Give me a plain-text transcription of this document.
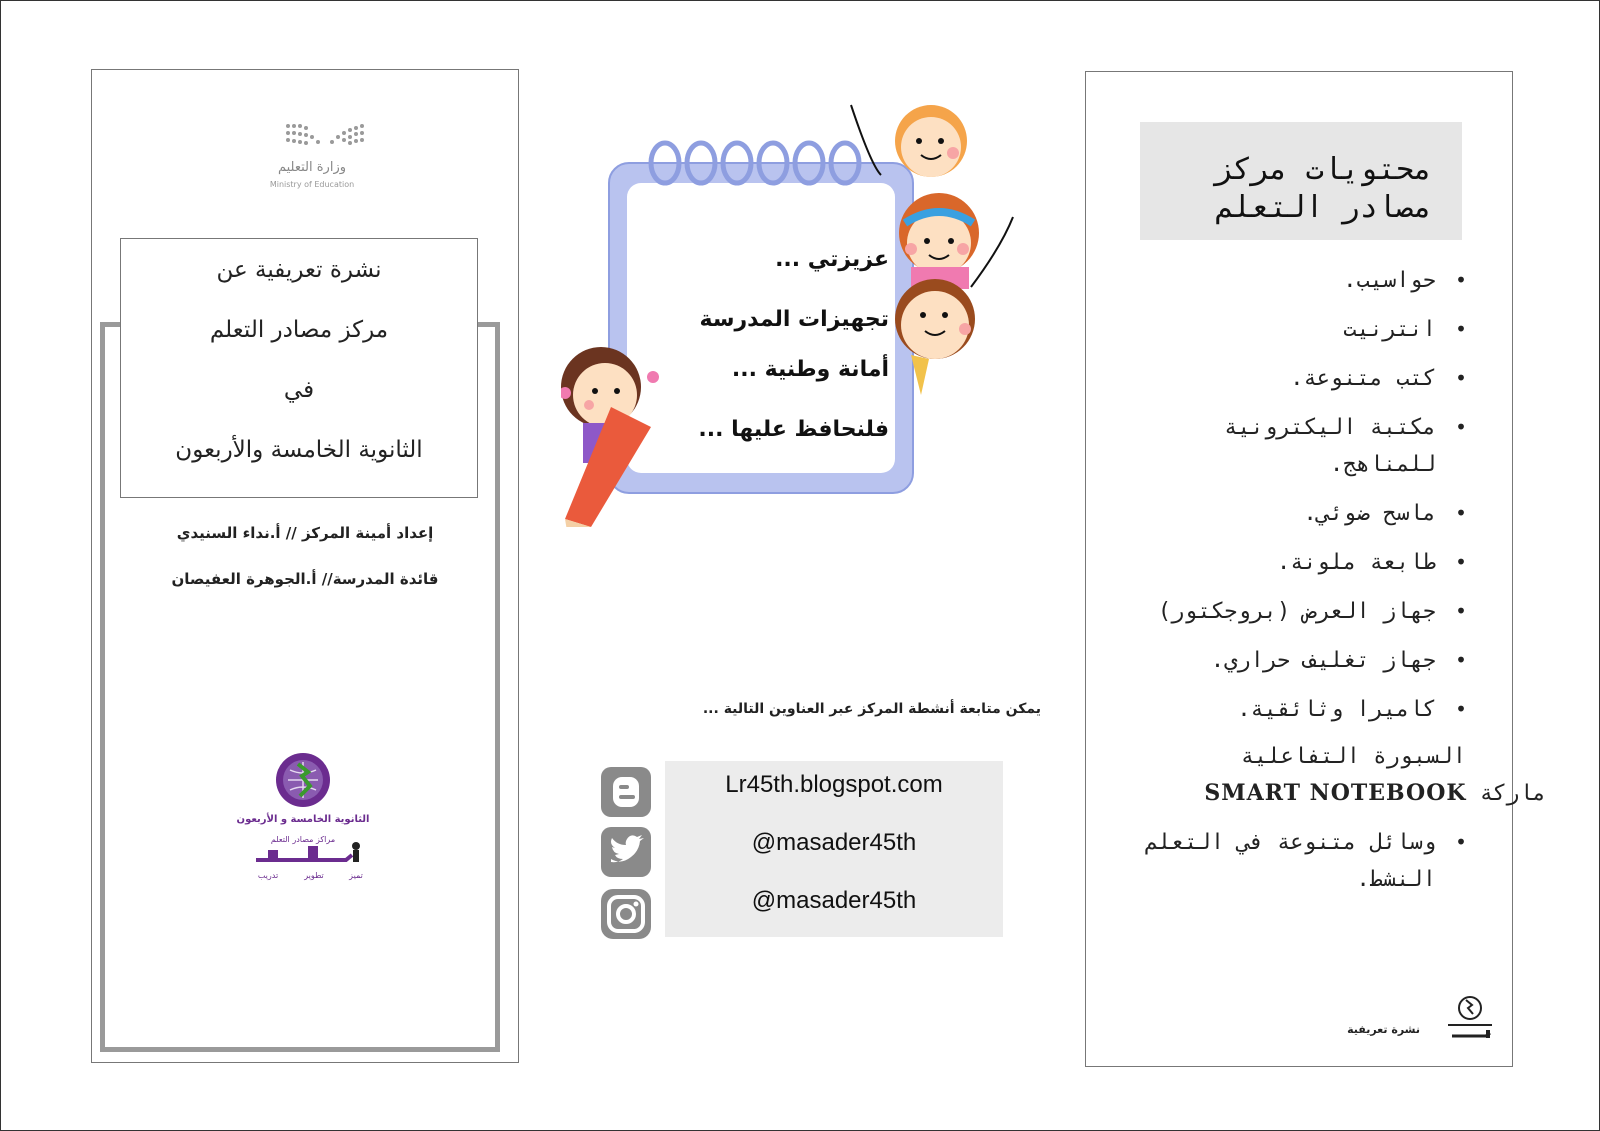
وزارة التعليم
Ministry of Education
نشرة تعريفية عن
مركز مصادر التعلم
في
الثانوية الخامسة والأربعون
إعداد أمينة المركز // أ.نداء السنيدي
قائدة المدرسة// أ.الجوهرة العفيصان
الثانوية الخامسة و الأربعون
مراكز مصادر التعلم
تميز
تطوير
تدريب
عزيزتي ...
تجهيزات المدرسة
أمانة وطنية ...
فلنحافظ عليها ...
يمكن متابعة أنشطة المركز عبر العناوين التالية ...
Lr45th.blogspot.com
@masader45th
@masader45th
محتويات مركز
مصادر التعلم
•
حواسيب.
•
انترنيت
•
كتب متنوعة.
•
مكتبة اليكترونية للمناهج.
•
ماسح ضوئي.
•
طابعة ملونة.
•
جهاز العرض (بروجكتور)
•
جهاز تغليف حراري.
•
كاميرا وثائقية.
السبورة التفاعلية
ماركة SMART NOTEBOOK
•
وسائل متنوعة في التعلم النشط.
نشرة تعريفية
